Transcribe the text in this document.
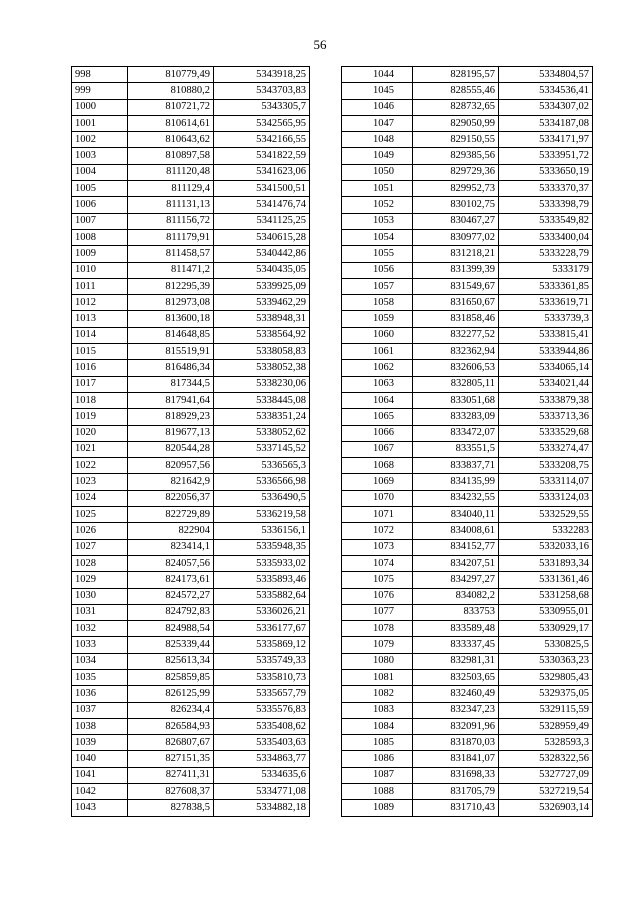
56
998	810779,49	5343918,25
999	810880,2	5343703,83
1000	810721,72	5343305,7
1001	810614,61	5342565,95
1002	810643,62	5342166,55
1003	810897,58	5341822,59
1004	811120,48	5341623,06
1005	811129,4	5341500,51
1006	811131,13	5341476,74
1007	811156,72	5341125,25
1008	811179,91	5340615,28
1009	811458,57	5340442,86
1010	811471,2	5340435,05
1011	812295,39	5339925,09
1012	812973,08	5339462,29
1013	813600,18	5338948,31
1014	814648,85	5338564,92
1015	815519,91	5338058,83
1016	816486,34	5338052,38
1017	817344,5	5338230,06
1018	817941,64	5338445,08
1019	818929,23	5338351,24
1020	819677,13	5338052,62
1021	820544,28	5337145,52
1022	820957,56	5336565,3
1023	821642,9	5336566,98
1024	822056,37	5336490,5
1025	822729,89	5336219,58
1026	822904	5336156,1
1027	823414,1	5335948,35
1028	824057,56	5335933,02
1029	824173,61	5335893,46
1030	824572,27	5335882,64
1031	824792,83	5336026,21
1032	824988,54	5336177,67
1033	825339,44	5335869,12
1034	825613,34	5335749,33
1035	825859,85	5335810,73
1036	826125,99	5335657,79
1037	826234,4	5335576,83
1038	826584,93	5335408,62
1039	826807,67	5335403,63
1040	827151,35	5334863,77
1041	827411,31	5334635,6
1042	827608,37	5334771,08
1043	827838,5	5334882,18
1044	828195,57	5334804,57
1045	828555,46	5334536,41
1046	828732,65	5334307,02
1047	829050,99	5334187,08
1048	829150,55	5334171,97
1049	829385,56	5333951,72
1050	829729,36	5333650,19
1051	829952,73	5333370,37
1052	830102,75	5333398,79
1053	830467,27	5333549,82
1054	830977,02	5333400,04
1055	831218,21	5333228,79
1056	831399,39	5333179
1057	831549,67	5333361,85
1058	831650,67	5333619,71
1059	831858,46	5333739,3
1060	832277,52	5333815,41
1061	832362,94	5333944,86
1062	832606,53	5334065,14
1063	832805,11	5334021,44
1064	833051,68	5333879,38
1065	833283,09	5333713,36
1066	833472,07	5333529,68
1067	833551,5	5333274,47
1068	833837,71	5333208,75
1069	834135,99	5333114,07
1070	834232,55	5333124,03
1071	834040,11	5332529,55
1072	834008,61	5332283
1073	834152,77	5332033,16
1074	834207,51	5331893,34
1075	834297,27	5331361,46
1076	834082,2	5331258,68
1077	833753	5330955,01
1078	833589,48	5330929,17
1079	833337,45	5330825,5
1080	832981,31	5330363,23
1081	832503,65	5329805,43
1082	832460,49	5329375,05
1083	832347,23	5329115,59
1084	832091,96	5328959,49
1085	831870,03	5328593,3
1086	831841,07	5328322,56
1087	831698,33	5327727,09
1088	831705,79	5327219,54
1089	831710,43	5326903,14
